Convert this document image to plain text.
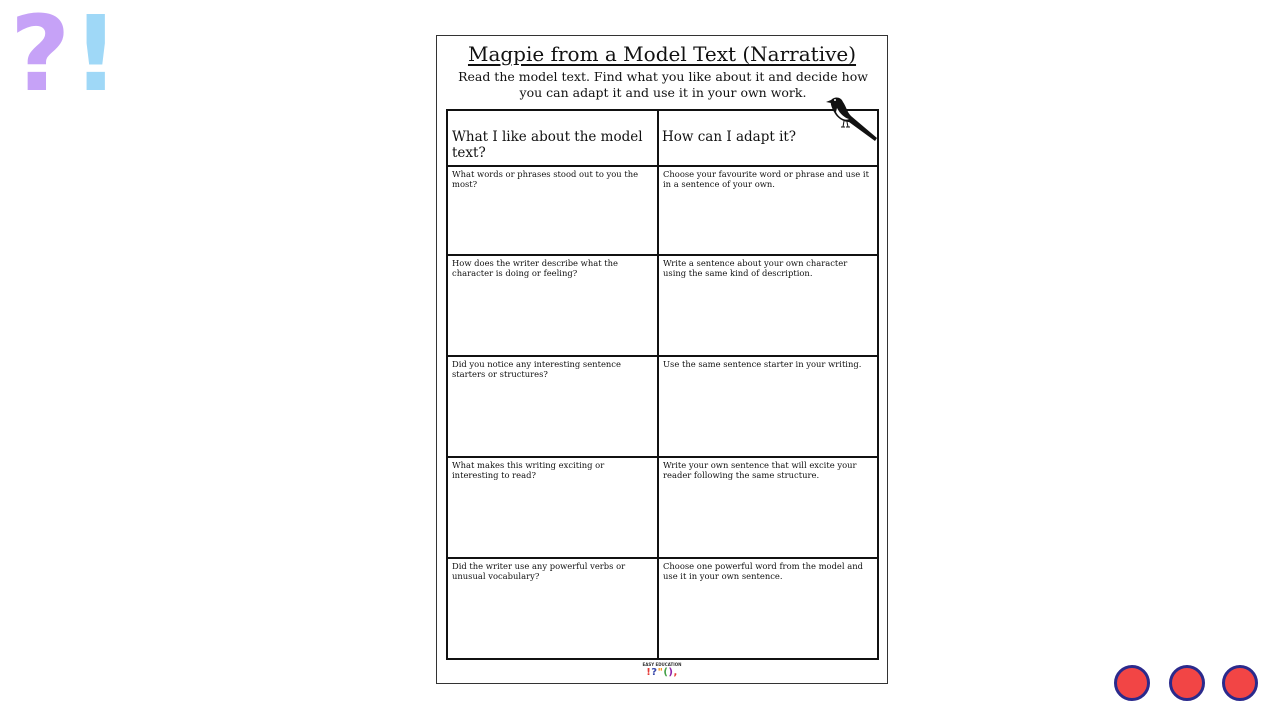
? !	Magpie from a Model Text (Narrative)
Read the model text. Find what you like about it and decide how you can adapt it and use it in your own work.
What I like about the model text?
How can I adapt it?
What words or phrases stood out to you the most?
Choose your favourite word or phrase and use it in a sentence of your own.
How does the writer describe what the character is doing or feeling?
Write a sentence about your own character using the same kind of description.
Did you notice any interesting sentence starters or structures?
Use the same sentence starter in your writing.
What makes this writing exciting or interesting to read?
Write your own sentence that will excite your reader following the same structure.
Did the writer use any powerful verbs or unusual vocabulary?
Choose one powerful word from the model and use it in your own sentence.
EASY EDUCATION
!?"(),
